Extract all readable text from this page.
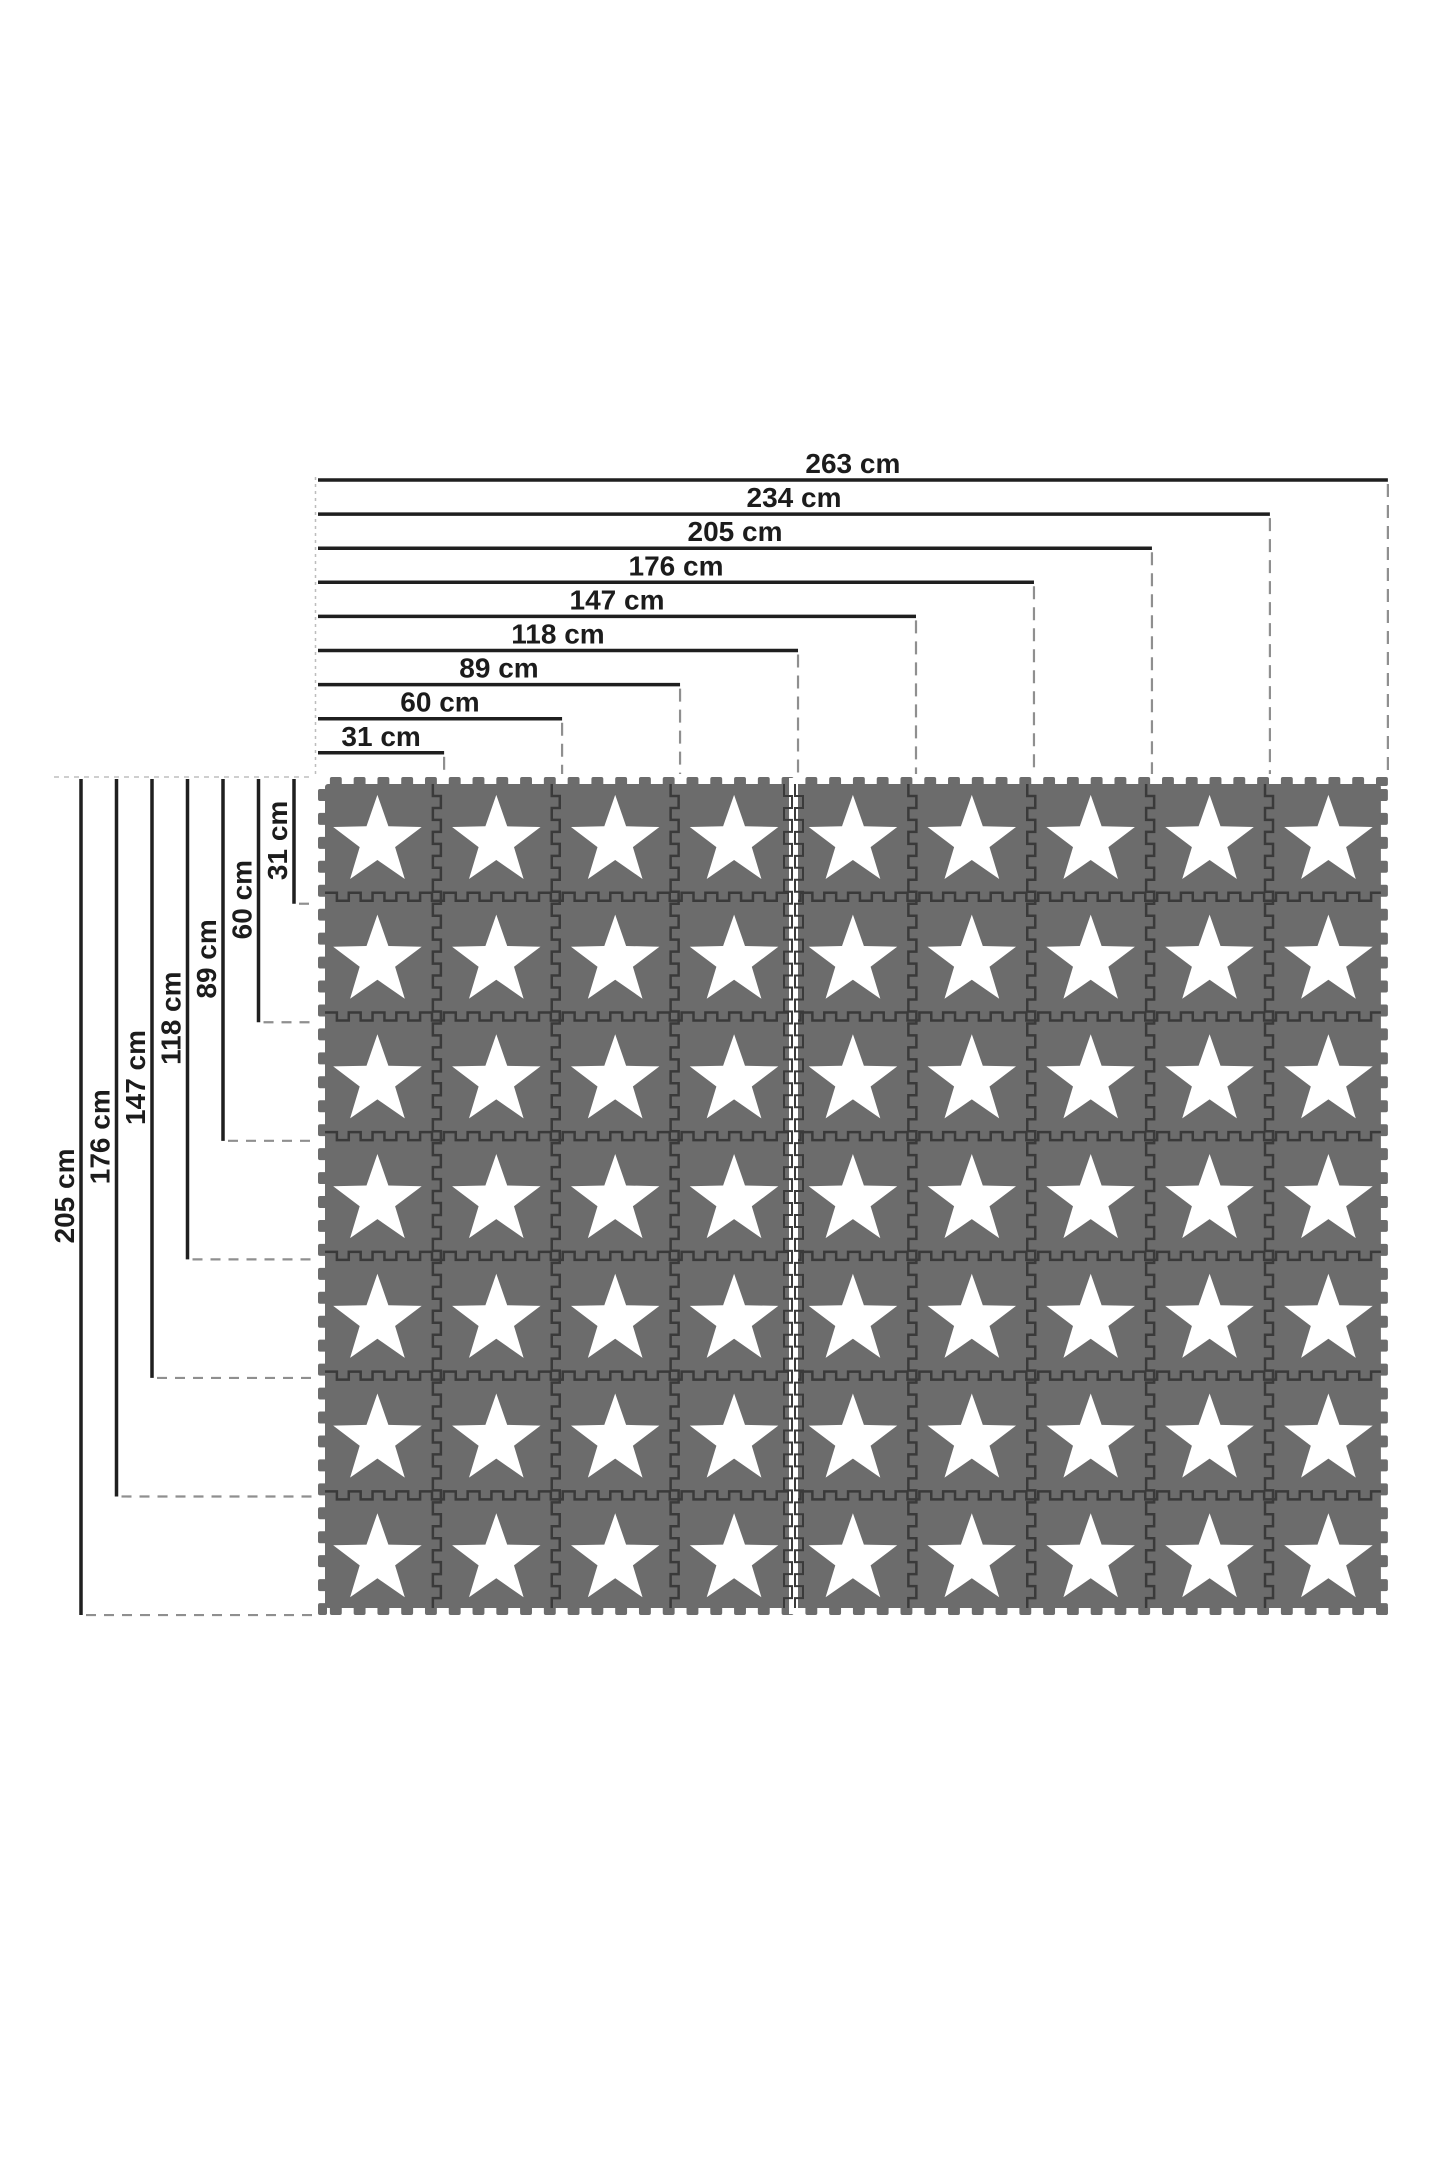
263 cm
234 cm
205 cm
176 cm
147 cm
118 cm
89 cm
60 cm
31 cm
205 cm
176 cm
147 cm
118 cm
89 cm
60 cm
31 cm
